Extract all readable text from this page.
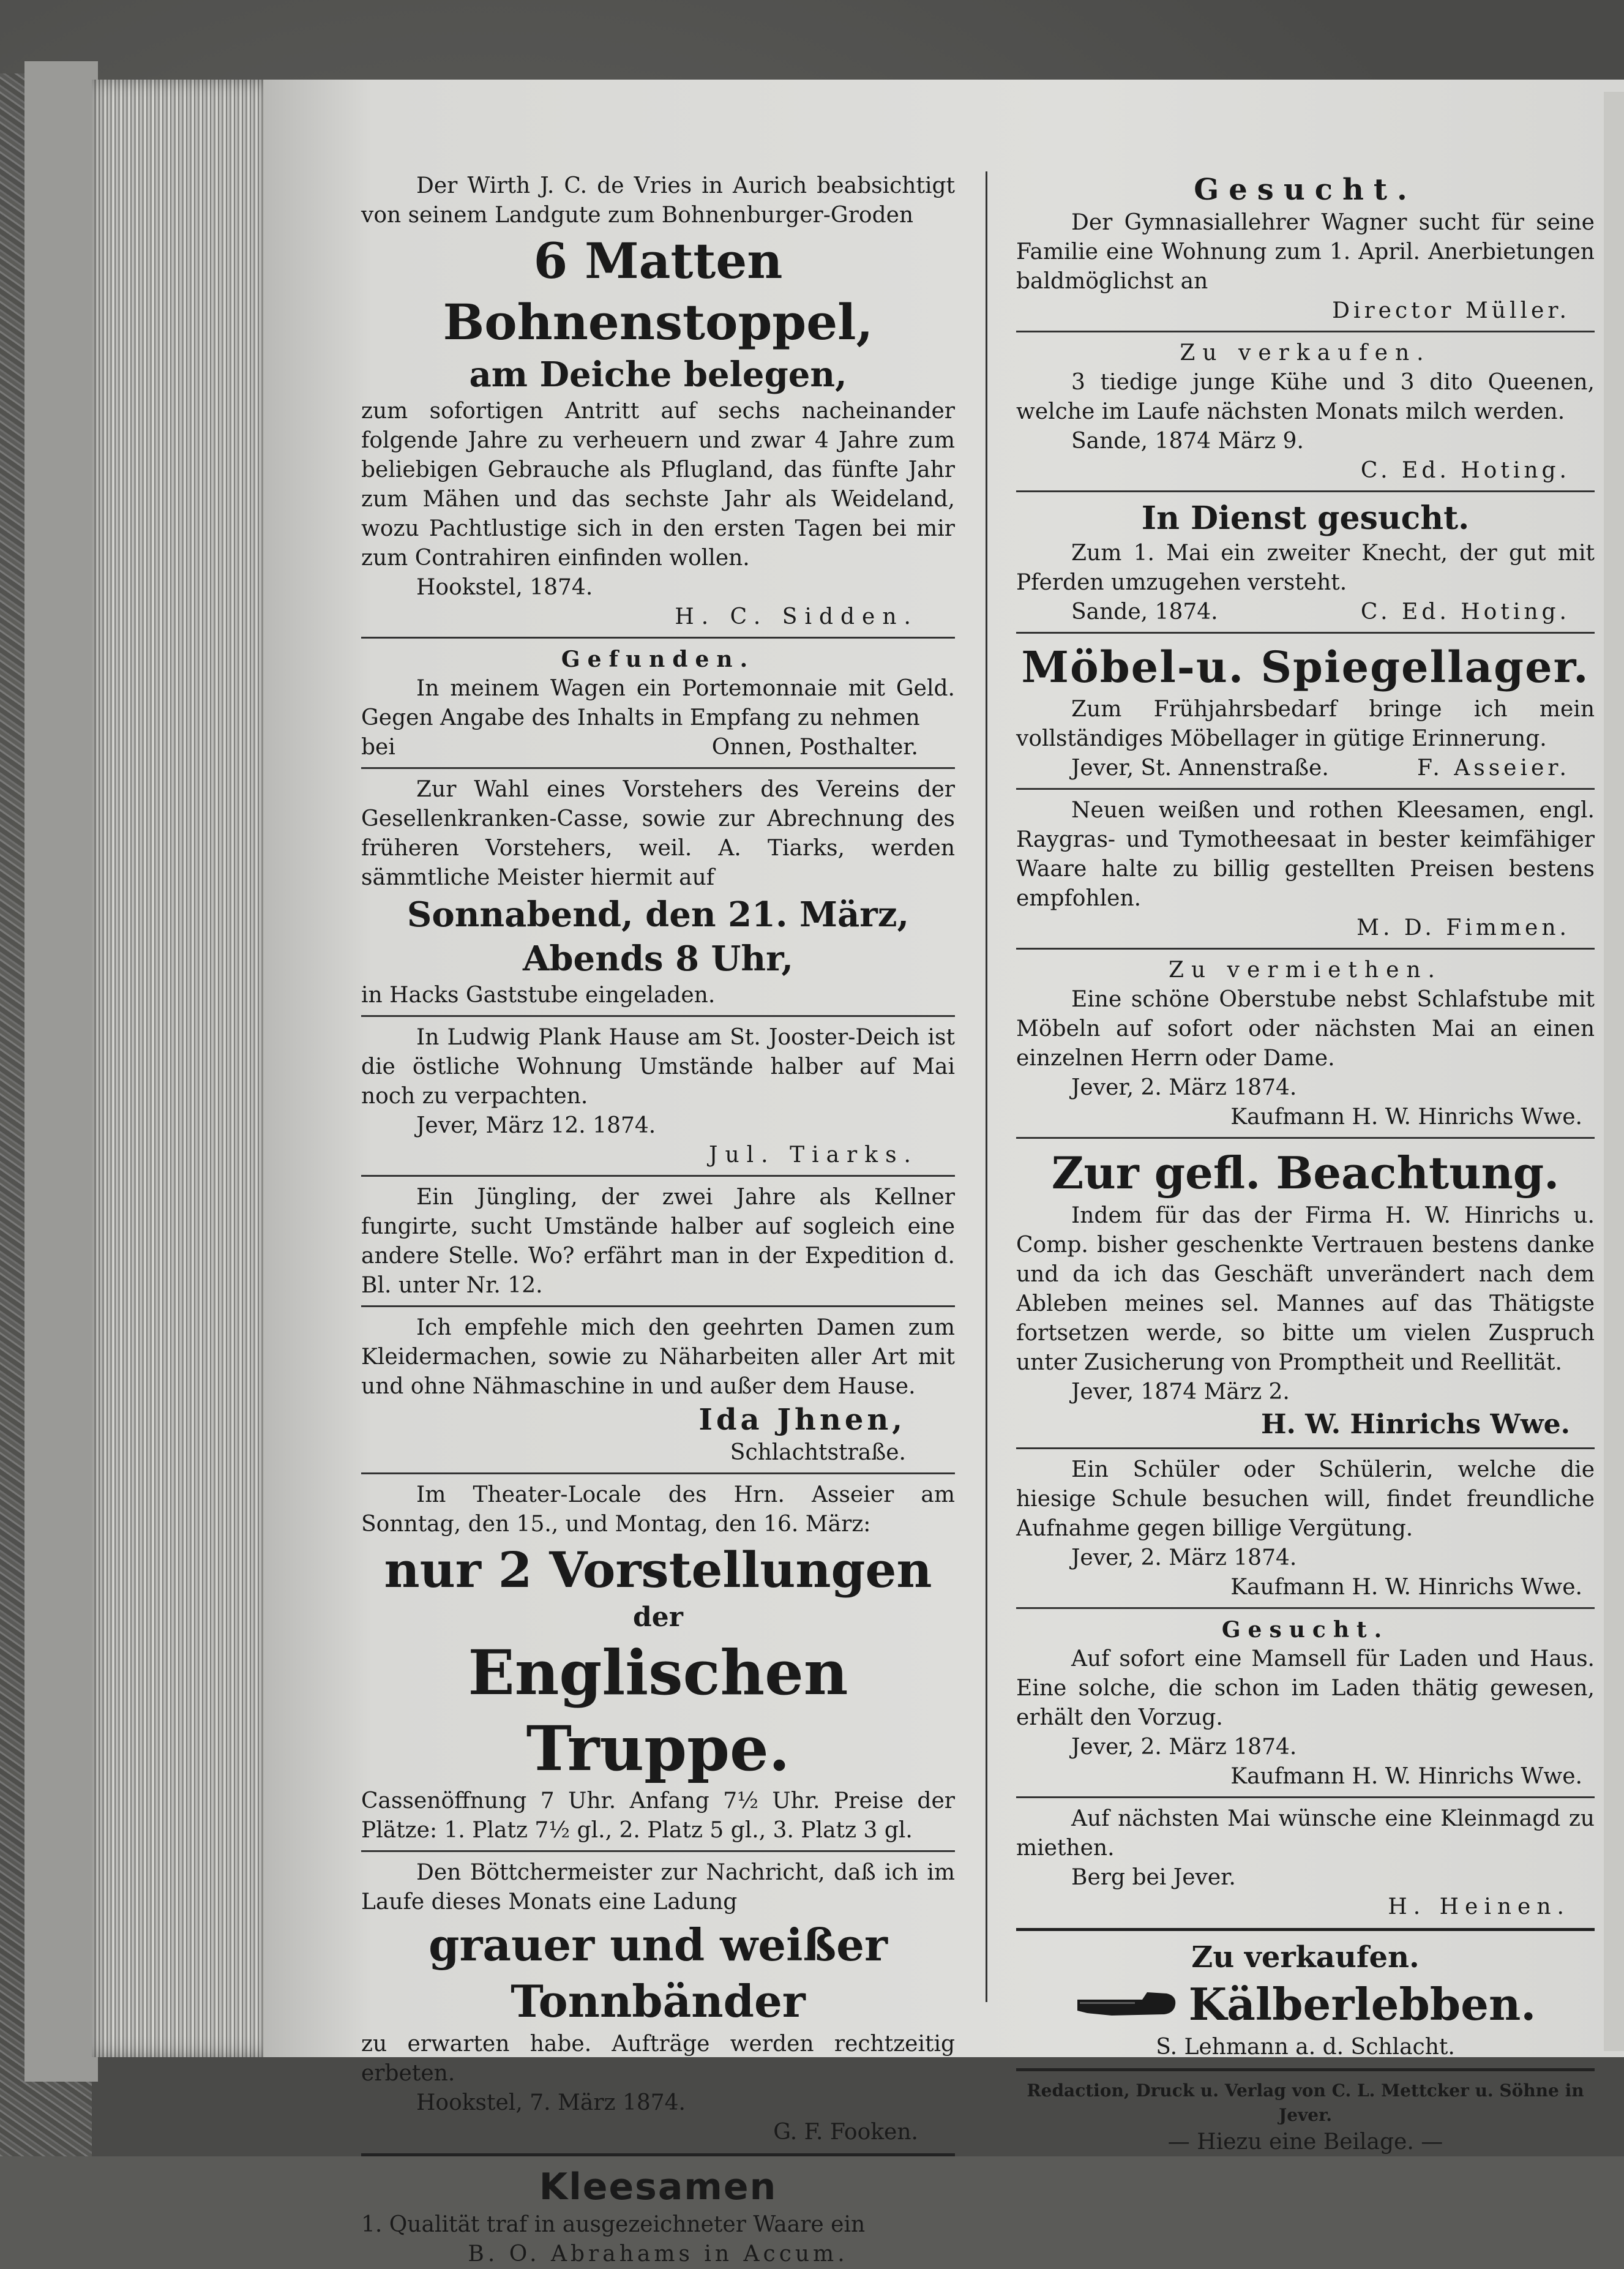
Der Wirth J. C. de Vries in Aurich beabsichtigt von seinem Landgute zum Bohnenburger-Groden

6 Matten Bohnenstoppel,

am Deiche belegen,

zum sofortigen Antritt auf sechs nacheinander folgende Jahre zu verheuern und zwar 4 Jahre zum beliebigen Gebrauche als Pflugland, das fünfte Jahr zum Mähen und das sechste Jahr als Weideland, wozu Pachtlustige sich in den ersten Tagen bei mir zum Contrahiren einfinden wollen.

Hookstel, 1874.

H. C. Sidden.

Gefunden.

In meinem Wagen ein Portemonnaie mit Geld. Gegen Angabe des Inhalts in Empfang zu nehmen

bei	Onnen, Posthalter.

Zur Wahl eines Vorstehers des Vereins der Gesellenkranken-Casse, sowie zur Abrechnung des früheren Vorstehers, weil. A. Tiarks, werden sämmtliche Meister hiermit auf

Sonnabend, den 21. März,

Abends 8 Uhr,

in Hacks Gaststube eingeladen.

In Ludwig Plank Hause am St. Jooster-Deich ist die östliche Wohnung Umstände halber auf Mai noch zu verpachten.

Jever, März 12. 1874.

Jul. Tiarks.

Ein Jüngling, der zwei Jahre als Kellner fungirte, sucht Umstände halber auf sogleich eine andere Stelle. Wo? erfährt man in der Expedition d. Bl. unter Nr. 12.

Ich empfehle mich den geehrten Damen zum Kleidermachen, sowie zu Näharbeiten aller Art mit und ohne Nähmaschine in und außer dem Hause.

Ida Jhnen,

Schlachtstraße.

Im Theater-Locale des Hrn. Asseier am Sonntag, den 15., und Montag, den 16. März:

nur 2 Vorstellungen

der

Englischen Truppe.

Cassenöffnung 7 Uhr. Anfang 7½ Uhr. Preise der Plätze: 1. Platz 7½ gl., 2. Platz 5 gl., 3. Platz 3 gl.

Den Böttchermeister zur Nachricht, daß ich im Laufe dieses Monats eine Ladung

grauer und weißer

Tonnbänder

zu erwarten habe. Aufträge werden rechtzeitig erbeten.

Hookstel, 7. März 1874.

G. F. Fooken.

Kleesamen

1. Qualität traf in ausgezeichneter Waare ein

B. O. Abrahams in Accum.

Gesucht.

Der Gymnasiallehrer Wagner sucht für seine Familie eine Wohnung zum 1. April. Anerbietungen baldmöglichst an

Director Müller.

Zu verkaufen.

3 tiedige junge Kühe und 3 dito Queenen, welche im Laufe nächsten Monats milch werden.

Sande, 1874 März 9.

C. Ed. Hoting.

In Dienst gesucht.

Zum 1. Mai ein zweiter Knecht, der gut mit Pferden umzugehen versteht.

Sande, 1874.	C. Ed. Hoting.

Möbel-u. Spiegellager.

Zum Frühjahrsbedarf bringe ich mein vollständiges Möbellager in gütige Erinnerung.

Jever, St. Annenstraße.	F. Asseier.

Neuen weißen und rothen Kleesamen, engl. Raygras- und Tymotheesaat in bester keimfähiger Waare halte zu billig gestellten Preisen bestens empfohlen.

M. D. Fimmen.

Zu vermiethen.

Eine schöne Oberstube nebst Schlafstube mit Möbeln auf sofort oder nächsten Mai an einen einzelnen Herrn oder Dame.

Jever, 2. März 1874.

Kaufmann H. W. Hinrichs Wwe.

Zur gefl. Beachtung.

Indem für das der Firma H. W. Hinrichs u. Comp. bisher geschenkte Vertrauen bestens danke und da ich das Geschäft unverändert nach dem Ableben meines sel. Mannes auf das Thätigste fortsetzen werde, so bitte um vielen Zuspruch unter Zusicherung von Promptheit und Reellität.

Jever, 1874 März 2.

H. W. Hinrichs Wwe.

Ein Schüler oder Schülerin, welche die hiesige Schule besuchen will, findet freundliche Aufnahme gegen billige Vergütung.

Jever, 2. März 1874.

Kaufmann H. W. Hinrichs Wwe.

Gesucht.

Auf sofort eine Mamsell für Laden und Haus. Eine solche, die schon im Laden thätig gewesen, erhält den Vorzug.

Jever, 2. März 1874.

Kaufmann H. W. Hinrichs Wwe.

Auf nächsten Mai wünsche eine Kleinmagd zu miethen.

Berg bei Jever.

H. Heinen.

Zu verkaufen.

Kälberlebben.

S. Lehmann a. d. Schlacht.

Redaction, Druck u. Verlag von C. L. Mettcker u. Söhne in Jever.

— Hiezu eine Beilage. —
